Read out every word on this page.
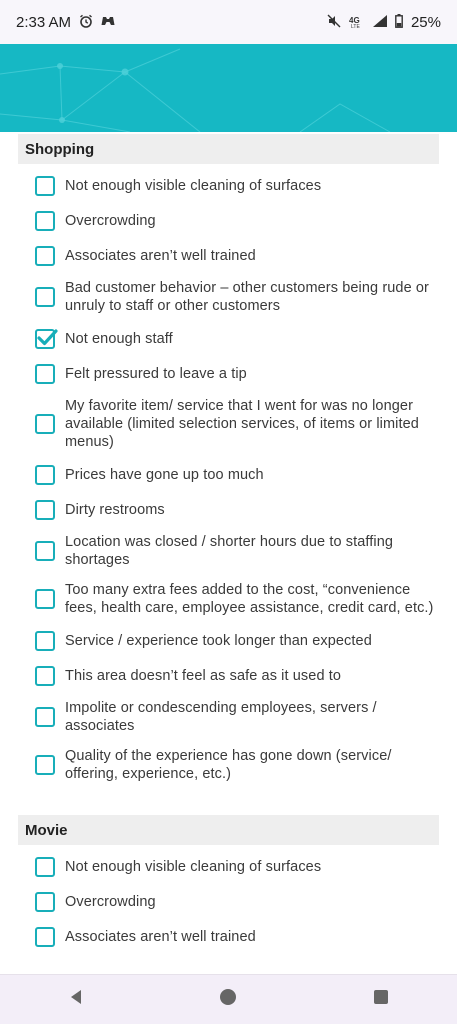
2:33 AM	4G
LTE	25%
Shopping
Not enough visible cleaning of surfaces
Overcrowding
Associates aren’t well trained
Bad customer behavior – other customers being rude or unruly to staff or other customers
Not enough staff
Felt pressured to leave a tip
My favorite item/ service that I went for was no longer available (limited selection services, of items or limited menus)
Prices have gone up too much
Dirty restrooms
Location was closed / shorter hours due to staffing shortages
Too many extra fees added to the cost, “convenience fees, health care, employee assistance, credit card, etc.)
Service / experience took longer than expected
This area doesn’t feel as safe as it used to
Impolite or condescending employees, servers / associates
Quality of the experience has gone down (service/ offering, experience, etc.)
Movie
Not enough visible cleaning of surfaces
Overcrowding
Associates aren’t well trained
